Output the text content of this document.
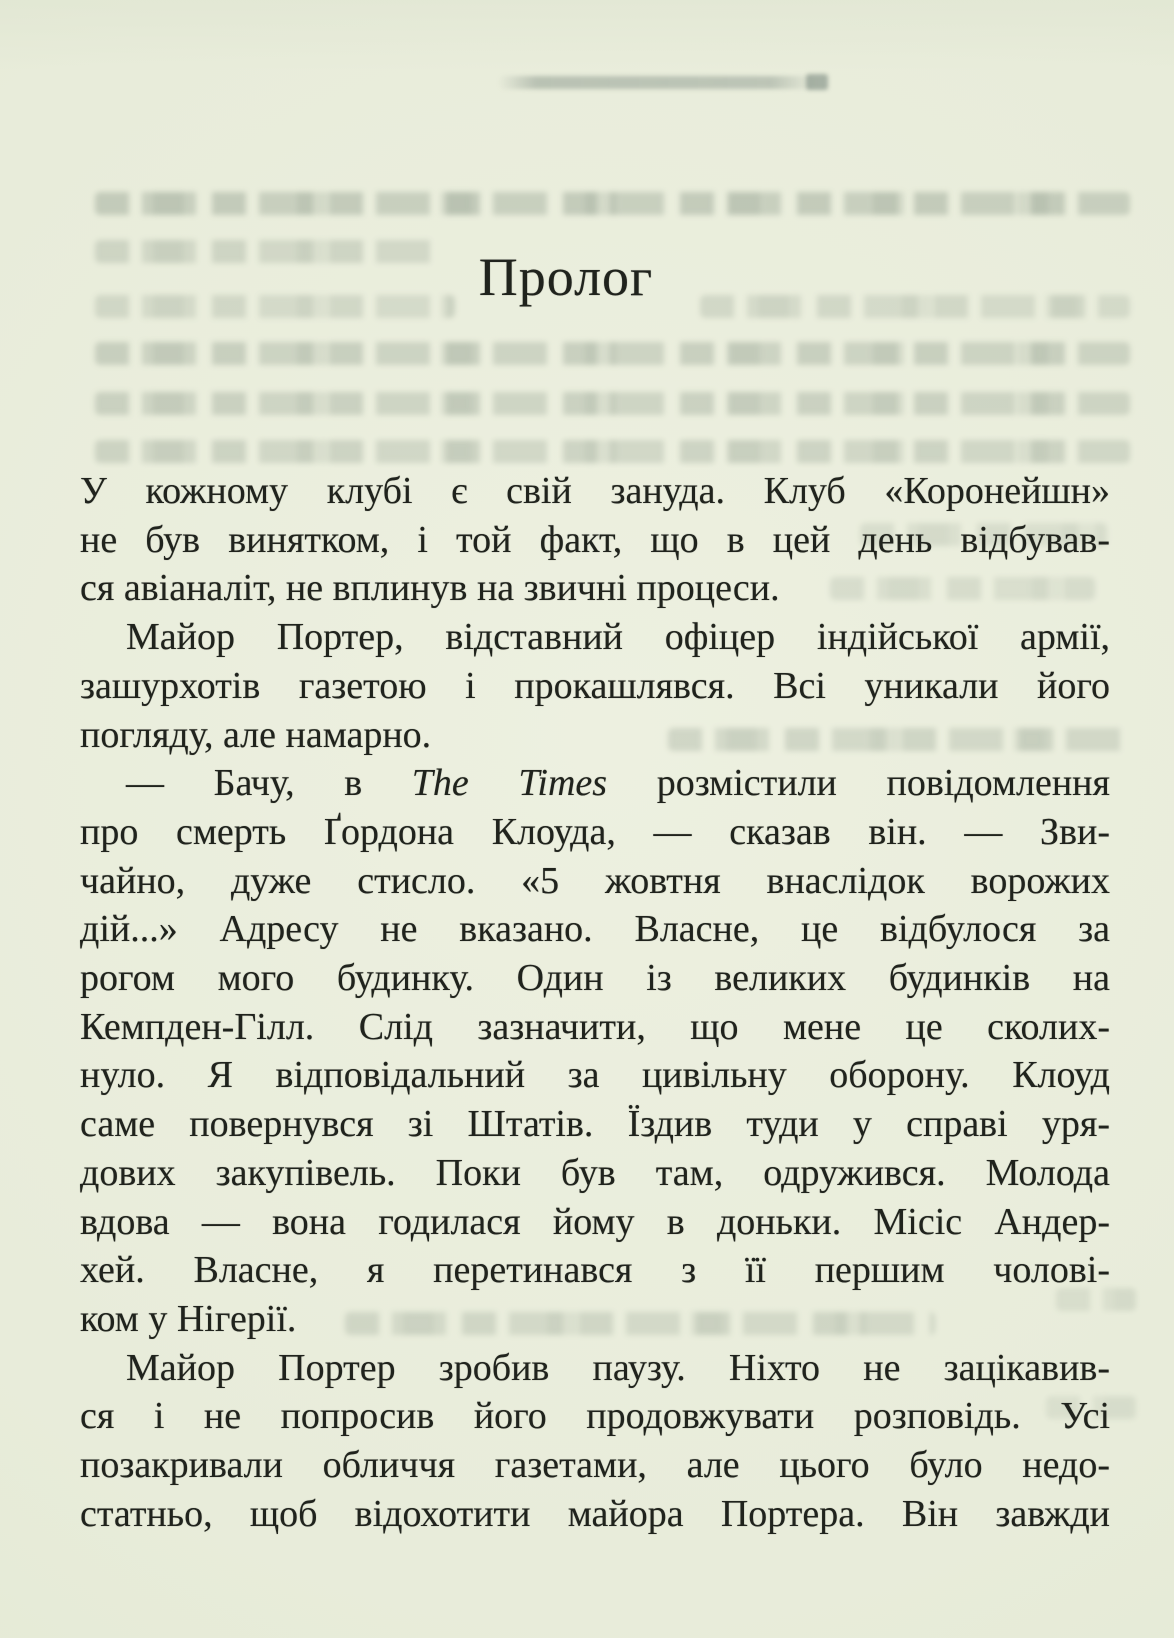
Пролог
У кожному клубі є свій зануда. Клуб «Коронейшн»
не був винятком, і той факт, що в цей день відбував-
ся авіаналіт, не вплинув на звичні процеси.
Майор Портер, відставний офіцер індійської армії,
зашурхотів газетою і прокашлявся. Всі уникали його
погляду, але намарно.
— Бачу, в The Times розмістили повідомлення
про смерть Ґордона Клоуда, — сказав він. — Зви-
чайно, дуже стисло. «5 жовтня внаслідок ворожих
дій...» Адресу не вказано. Власне, це відбулося за
рогом мого будинку. Один із великих будинків на
Кемпден-Гілл. Слід зазначити, що мене це сколих-
нуло. Я відповідальний за цивільну оборону. Клоуд
саме повернувся зі Штатів. Їздив туди у справі уря-
дових закупівель. Поки був там, одружився. Молода
вдова — вона годилася йому в доньки. Місіс Андер-
хей. Власне, я перетинався з її першим чолові-
ком у Нігерії.
Майор Портер зробив паузу. Ніхто не зацікавив-
ся і не попросив його продовжувати розповідь. Усі
позакривали обличчя газетами, але цього було недо-
статньо, щоб відохотити майора Портера. Він завжди
